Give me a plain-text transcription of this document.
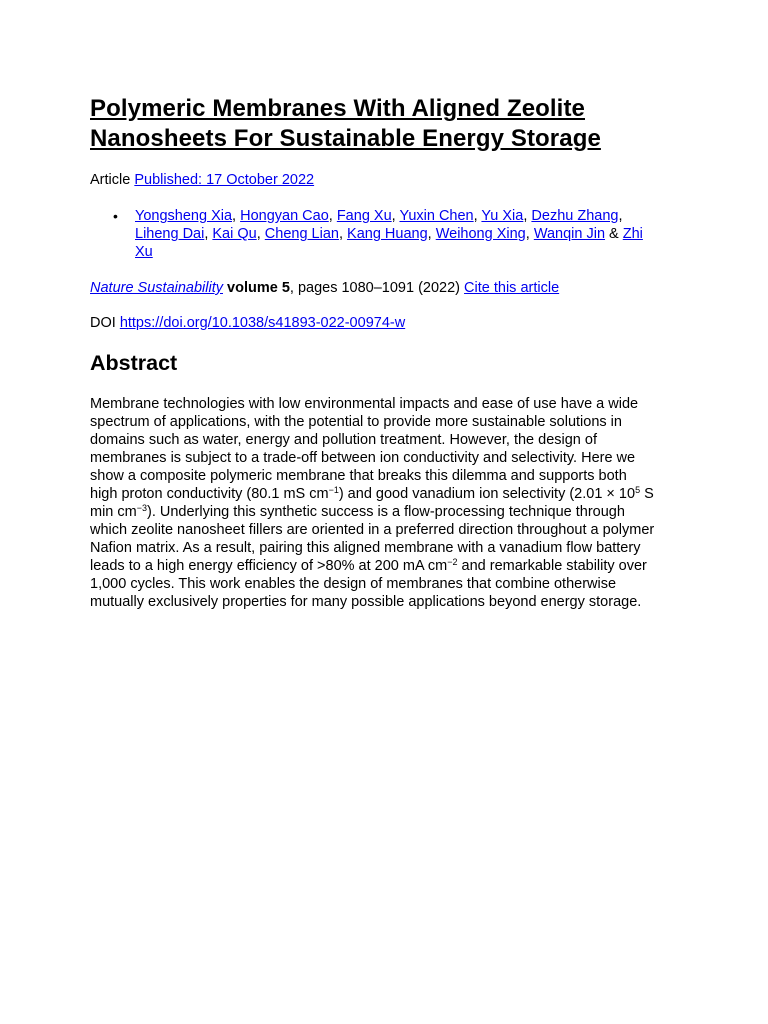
Polymeric Membranes With Aligned Zeolite
Nanosheets For Sustainable Energy Storage
Article Published: 17 October 2022
• Yongsheng Xia, Hongyan Cao, Fang Xu, Yuxin Chen, Yu Xia, Dezhu Zhang,
Liheng Dai, Kai Qu, Cheng Lian, Kang Huang, Weihong Xing, Wanqin Jin & Zhi
Xu
Nature Sustainability volume 5, pages 1080–1091 (2022) Cite this article
DOI https://doi.org/10.1038/s41893-022-00974-w
Abstract

Membrane technologies with low environmental impacts and ease of use have a wide
spectrum of applications, with the potential to provide more sustainable solutions in
domains such as water, energy and pollution treatment. However, the design of
membranes is subject to a trade-off between ion conductivity and selectivity. Here we
show a composite polymeric membrane that breaks this dilemma and supports both
high proton conductivity (80.1 mS $cm^{-1}$) and good vanadium ion selectivity ($2.01 \times 10^5$ S
$\min cm^{-3}$). Underlying this synthetic success is a flow-processing technique through
which zeolite nanosheet fillers are oriented in a preferred direction throughout a polymer
Nafion matrix. As a result, pairing this aligned membrane with a vanadium flow battery
leads to a high energy efficiency of >80% at 200 mA $cm^{-2}$ and remarkable stability over
1,000 cycles. This work enables the design of membranes that combine otherwise
mutually exclusively properties for many possible applications beyond energy storage.
